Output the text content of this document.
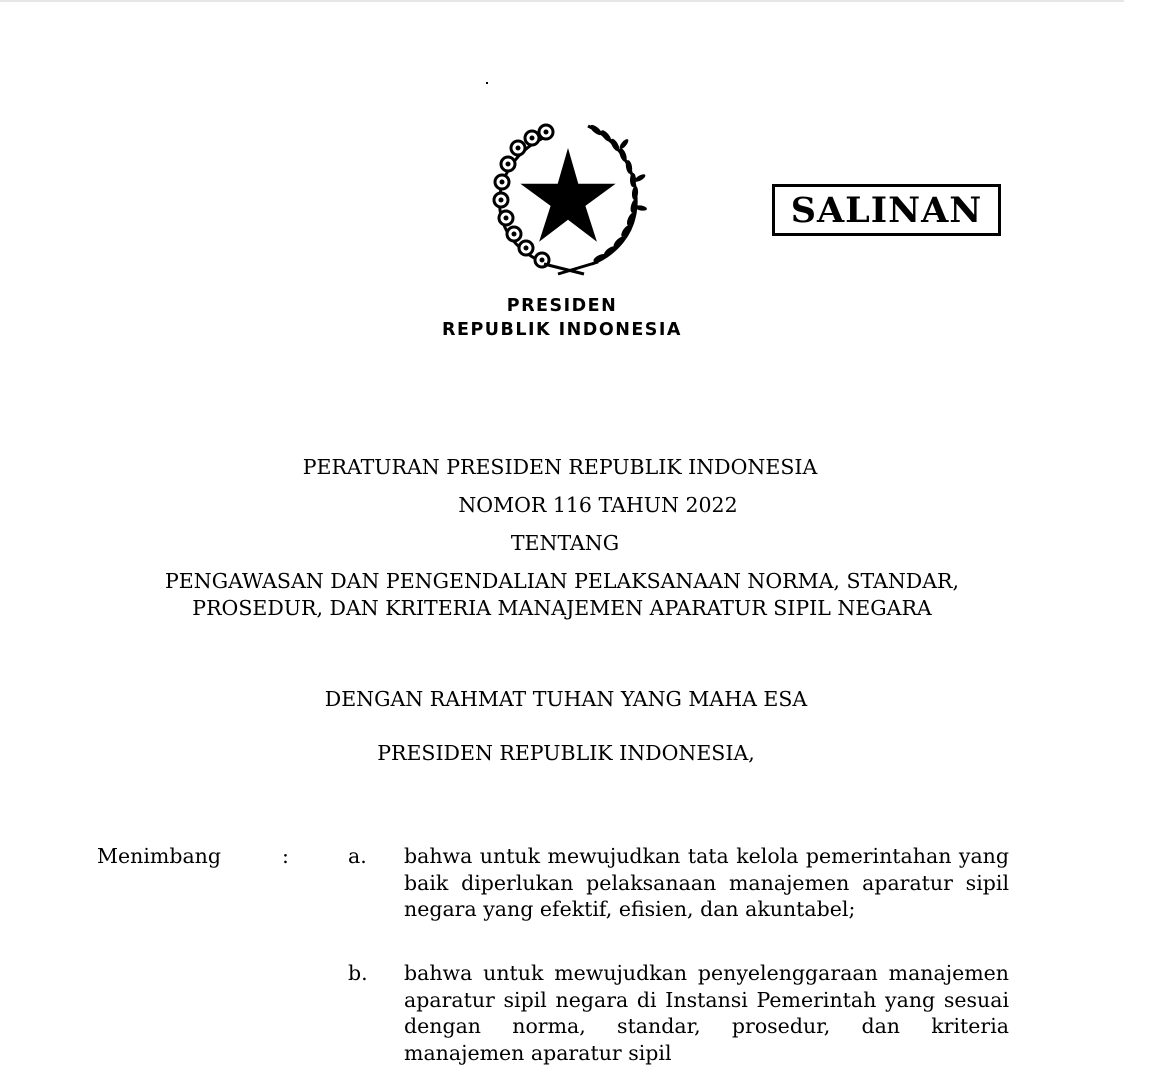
SALINAN
PRESIDEN
REPUBLIK INDONESIA
PERATURAN PRESIDEN REPUBLIK INDONESIA
NOMOR 116 TAHUN 2022
TENTANG
PENGAWASAN DAN PENGENDALIAN PELAKSANAAN NORMA, STANDAR,
PROSEDUR, DAN KRITERIA MANAJEMEN APARATUR SIPIL NEGARA
DENGAN RAHMAT TUHAN YANG MAHA ESA
PRESIDEN REPUBLIK INDONESIA,
Menimbang	:	a. bahwa untuk mewujudkan tata kelola pemerintahan yang baik diperlukan pelaksanaan manajemen aparatur sipil negara yang efektif, efisien, dan akuntabel;
b. bahwa untuk mewujudkan penyelenggaraan manajemen aparatur sipil negara di Instansi Pemerintah yang sesuai dengan norma, standar, prosedur, dan kriteria manajemen aparatur sipil
